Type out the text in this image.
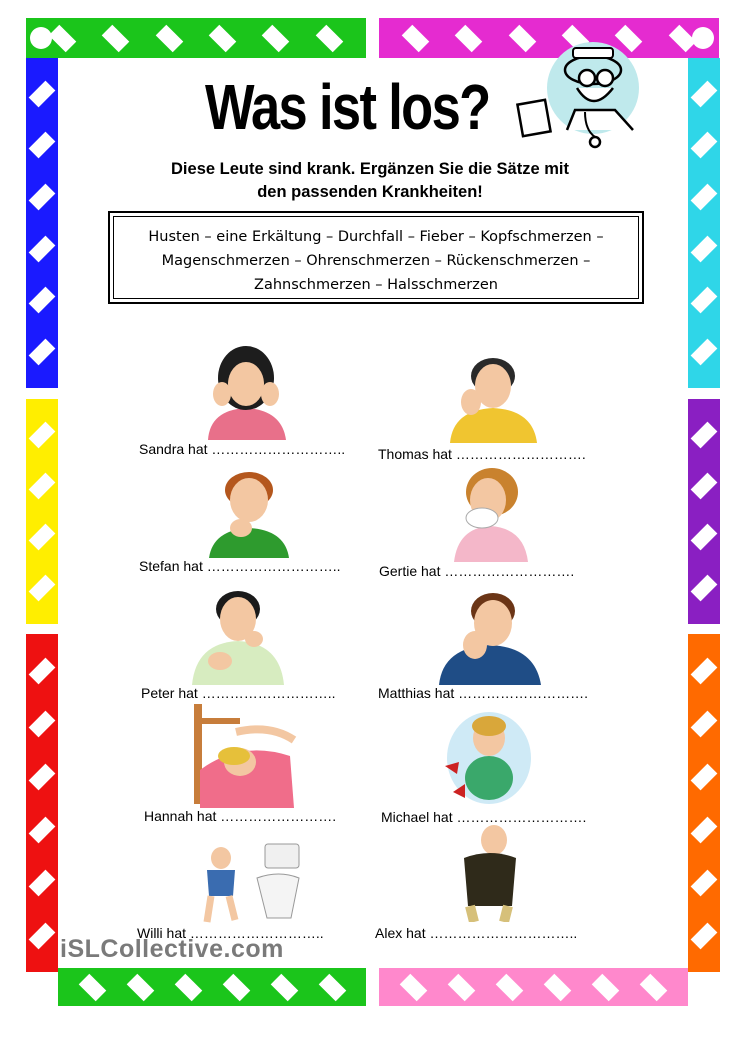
Was ist los?
Diese Leute sind krank. Ergänzen Sie die Sätze mit
den passenden Krankheiten!
Husten – eine Erkältung – Durchfall – Fieber – Kopfschmerzen –
Magenschmerzen – Ohrenschmerzen – Rückenschmerzen –
Zahnschmerzen – Halsschmerzen
Sandra hat ……………………….. Thomas hat ……………………….
Stefan hat ………………………..	Gertie hat ……………………….
Peter hat ………………………..	Matthias hat ……………………….
Hannah hat …………………….	Michael hat ……………………….
Willi hat ………………………..	Alex hat …………………………..
iSLCollective.com
